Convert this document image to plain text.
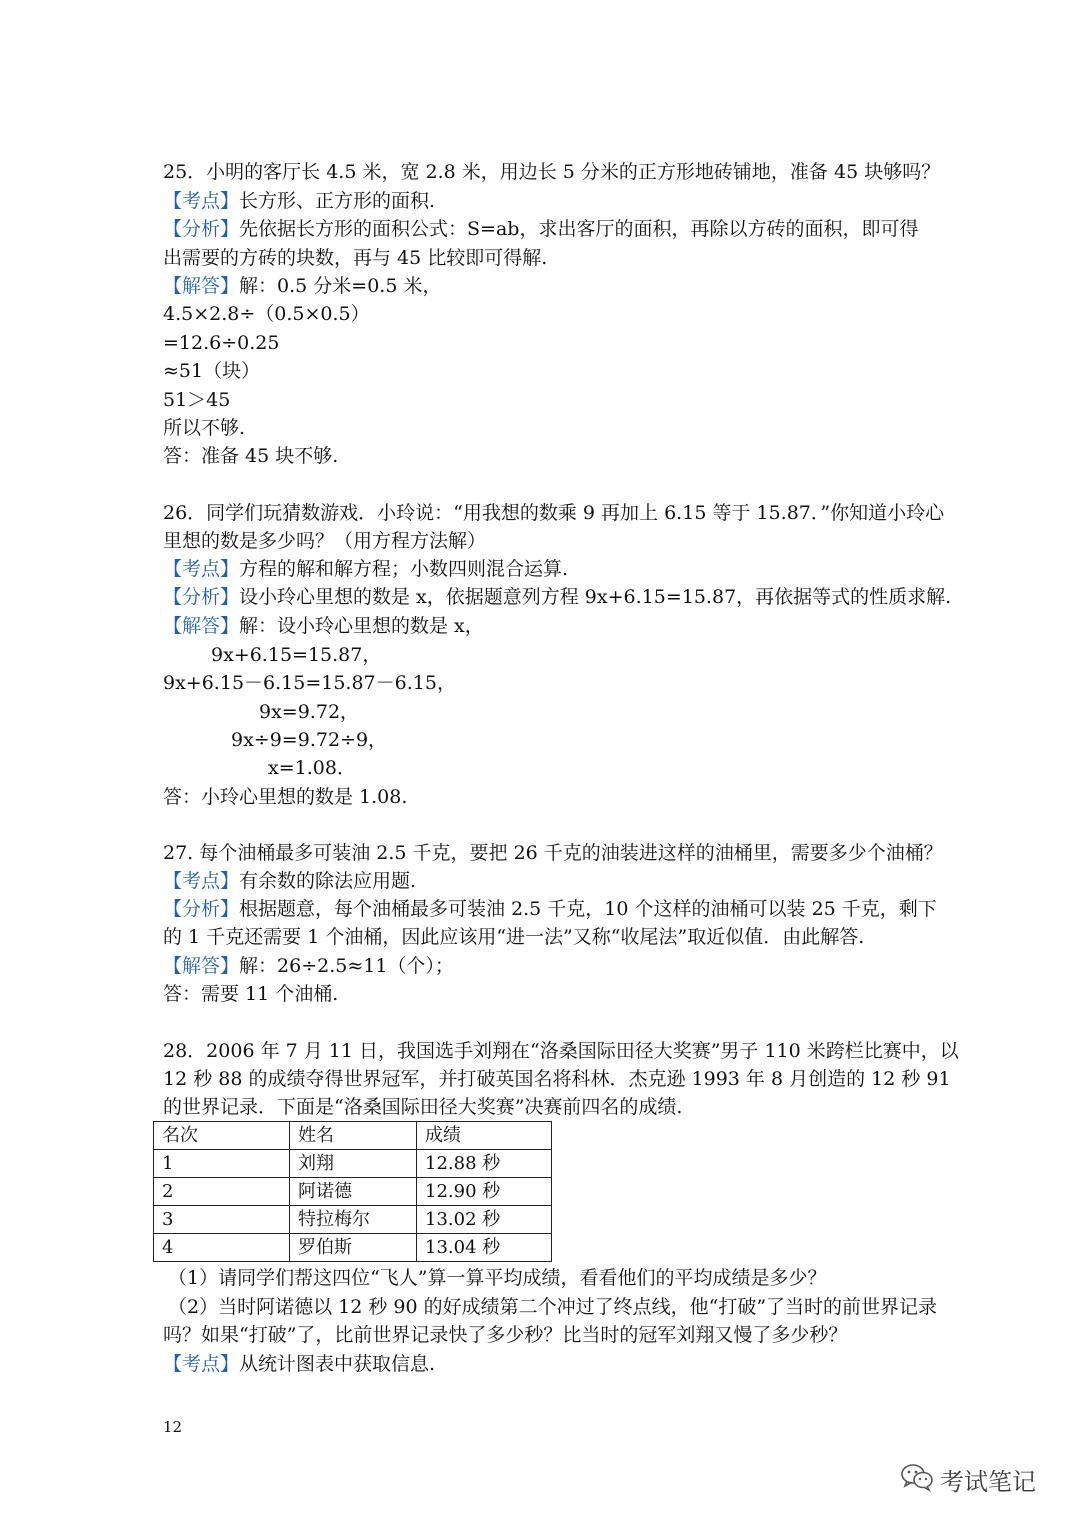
25．小明的客厅长 4.5 米，宽 2.8 米，用边长 5 分米的正方形地砖铺地，准备 45 块够吗？
【考点】长方形、正方形的面积.
【分析】先依据长方形的面积公式：S=ab，求出客厅的面积，再除以方砖的面积，即可得
出需要的方砖的块数，再与 45 比较即可得解.
【解答】解：0.5 分米=0.5 米，
4.5×2.8÷（0.5×0.5）
=12.6÷0.25
≈51（块）
51＞45
所以不够.
答：准备 45 块不够.
26．同学们玩猜数游戏．小玲说：“用我想的数乘 9 再加上 6.15 等于 15.87．”你知道小玲心
里想的数是多少吗？（用方程方法解）
【考点】方程的解和解方程；小数四则混合运算.
【分析】设小玲心里想的数是 x，依据题意列方程 9x+6.15=15.87，再依据等式的性质求解.
【解答】解：设小玲心里想的数是 x，
9x+6.15=15.87，
9x+6.15－6.15=15.87－6.15，
9x=9.72，
9x÷9=9.72÷9，
x=1.08．
答：小玲心里想的数是 1.08.
27. 每个油桶最多可装油 2.5 千克，要把 26 千克的油装进这样的油桶里，需要多少个油桶？
【考点】有余数的除法应用题.
【分析】根据题意，每个油桶最多可装油 2.5 千克，10 个这样的油桶可以装 25 千克，剩下
的 1 千克还需要 1 个油桶，因此应该用“进一法”又称“收尾法”取近似值．由此解答.
【解答】解：26÷2.5≈11（个）；
答：需要 11 个油桶.
28．2006 年 7 月 11 日，我国选手刘翔在“洛桑国际田径大奖赛”男子 110 米跨栏比赛中，以
12 秒 88 的成绩夺得世界冠军，并打破英国名将科林．杰克逊 1993 年 8 月创造的 12 秒 91
的世界记录．下面是“洛桑国际田径大奖赛”决赛前四名的成绩.
名次	姓名	成绩
1	刘翔	12.88 秒
2	阿诺德	12.90 秒
3	特拉梅尔	13.02 秒
4	罗伯斯	13.04 秒
（1）请同学们帮这四位“飞人”算一算平均成绩，看看他们的平均成绩是多少？
（2）当时阿诺德以 12 秒 90 的好成绩第二个冲过了终点线，他“打破”了当时的前世界记录
吗？如果“打破”了，比前世界记录快了多少秒？比当时的冠军刘翔又慢了多少秒？
【考点】从统计图表中获取信息.
12
考试笔记
